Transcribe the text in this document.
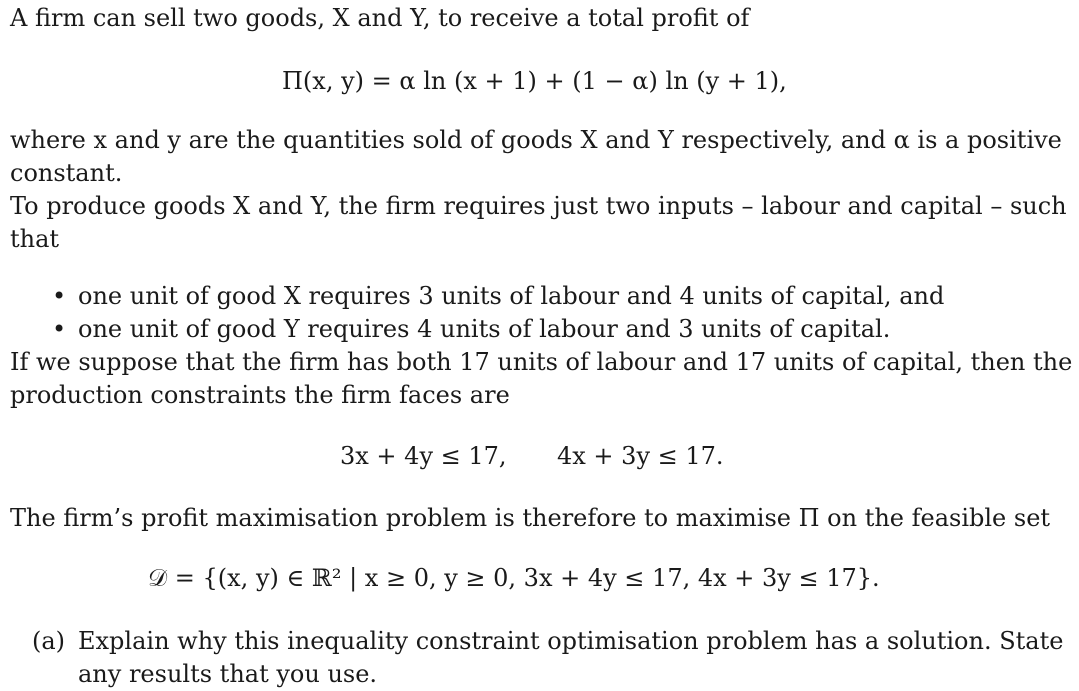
A firm can sell two goods, X and Y, to receive a total profit of
Π(x, y) = α ln (x + 1) + (1 − α) ln (y + 1),
where x and y are the quantities sold of goods X and Y respectively, and α is a positive
constant.
To produce goods X and Y, the firm requires just two inputs – labour and capital – such
that
• one unit of good X requires 3 units of labour and 4 units of capital, and
• one unit of good Y requires 4 units of labour and 3 units of capital.
If we suppose that the firm has both 17 units of labour and 17 units of capital, then the
production constraints the firm faces are
3x + 4y ≤ 17, 4x + 3y ≤ 17.
The firm’s profit maximisation problem is therefore to maximise Π on the feasible set
𝒟 = {(x, y) ∈ ℝ² | x ≥ 0, y ≥ 0, 3x + 4y ≤ 17, 4x + 3y ≤ 17}.
(a) Explain why this inequality constraint optimisation problem has a solution. State
any results that you use.
